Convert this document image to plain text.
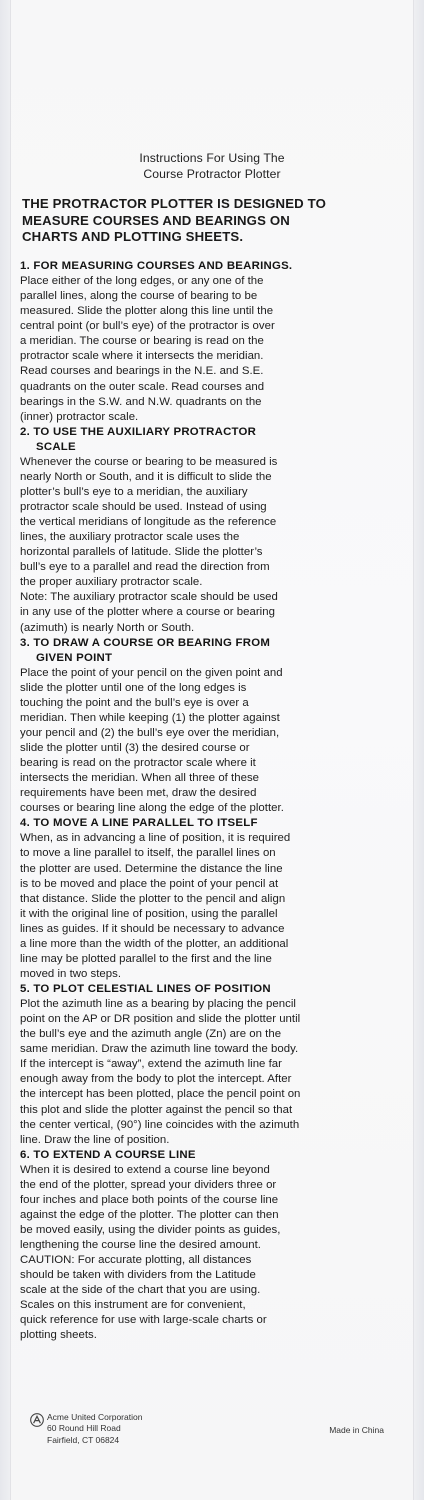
Instructions For Using The
Course Protractor Plotter
THE PROTRACTOR PLOTTER IS DESIGNED TO
MEASURE COURSES AND BEARINGS ON
CHARTS AND PLOTTING SHEETS.
1. FOR MEASURING COURSES AND BEARINGS.
Place either of the long edges, or any one of the
parallel lines, along the course of bearing to be
measured. Slide the plotter along this line until the
central point (or bull’s eye) of the protractor is over
a meridian. The course or bearing is read on the
protractor scale where it intersects the meridian.
Read courses and bearings in the N.E. and S.E.
quadrants on the outer scale. Read courses and
bearings in the S.W. and N.W. quadrants on the
(inner) protractor scale.
2. TO USE THE AUXILIARY PROTRACTOR
SCALE
Whenever the course or bearing to be measured is
nearly North or South, and it is difficult to slide the
plotter’s bull’s eye to a meridian, the auxiliary
protractor scale should be used. Instead of using
the vertical meridians of longitude as the reference
lines, the auxiliary protractor scale uses the
horizontal parallels of latitude. Slide the plotter’s
bull’s eye to a parallel and read the direction from
the proper auxiliary protractor scale.
Note: The auxiliary protractor scale should be used
in any use of the plotter where a course or bearing
(azimuth) is nearly North or South.
3. TO DRAW A COURSE OR BEARING FROM
GIVEN POINT
Place the point of your pencil on the given point and
slide the plotter until one of the long edges is
touching the point and the bull’s eye is over a
meridian. Then while keeping (1) the plotter against
your pencil and (2) the bull’s eye over the meridian,
slide the plotter until (3) the desired course or
bearing is read on the protractor scale where it
intersects the meridian. When all three of these
requirements have been met, draw the desired
courses or bearing line along the edge of the plotter.
4. TO MOVE A LINE PARALLEL TO ITSELF
When, as in advancing a line of position, it is required
to move a line parallel to itself, the parallel lines on
the plotter are used. Determine the distance the line
is to be moved and place the point of your pencil at
that distance. Slide the plotter to the pencil and align
it with the original line of position, using the parallel
lines as guides. If it should be necessary to advance
a line more than the width of the plotter, an additional
line may be plotted parallel to the first and the line
moved in two steps.
5. TO PLOT CELESTIAL LINES OF POSITION
Plot the azimuth line as a bearing by placing the pencil
point on the AP or DR position and slide the plotter until
the bull’s eye and the azimuth angle (Zn) are on the
same meridian. Draw the azimuth line toward the body.
If the intercept is “away”, extend the azimuth line far
enough away from the body to plot the intercept. After
the intercept has been plotted, place the pencil point on
this plot and slide the plotter against the pencil so that
the center vertical, (90°) line coincides with the azimuth
line. Draw the line of position.
6. TO EXTEND A COURSE LINE
When it is desired to extend a course line beyond
the end of the plotter, spread your dividers three or
four inches and place both points of the course line
against the edge of the plotter. The plotter can then
be moved easily, using the divider points as guides,
lengthening the course line the desired amount.
CAUTION: For accurate plotting, all distances
should be taken with dividers from the Latitude
scale at the side of the chart that you are using.
Scales on this instrument are for convenient,
quick reference for use with large-scale charts or
plotting sheets.
Acme United Corporation
60 Round Hill Road
Fairfield, CT 06824
Made in China
